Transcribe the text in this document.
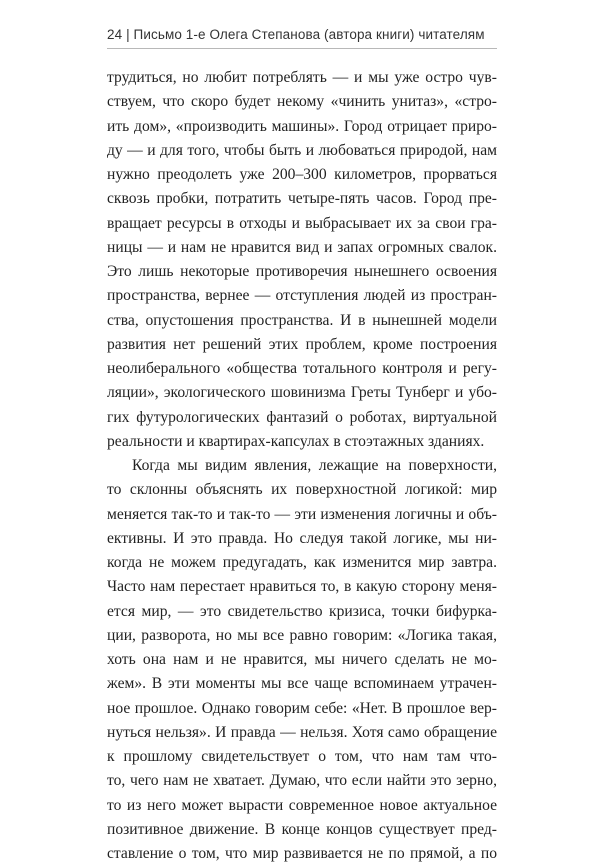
24 | Письмо 1-е Олега Степанова (автора книги) читателям
трудиться, но любит потреблять — и мы уже остро чув-
ствуем, что скоро будет некому «чинить унитаз», «стро-
ить дом», «производить машины». Город отрицает приро-
ду — и для того, чтобы быть и любоваться природой, нам
нужно преодолеть уже 200–300 километров, прорваться
сквозь пробки, потратить четыре-пять часов. Город пре-
вращает ресурсы в отходы и выбрасывает их за свои гра-
ницы — и нам не нравится вид и запах огромных свалок.
Это лишь некоторые противоречия нынешнего освоения
пространства, вернее — отступления людей из простран-
ства, опустошения пространства. И в нынешней модели
развития нет решений этих проблем, кроме построения
неолиберального «общества тотального контроля и регу-
ляции», экологического шовинизма Греты Тунберг и убо-
гих футурологических фантазий о роботах, виртуальной
реальности и квартирах-капсулах в стоэтажных зданиях.
Когда мы видим явления, лежащие на поверхности,
то склонны объяснять их поверхностной логикой: мир
меняется так-то и так-то — эти изменения логичны и объ-
ективны. И это правда. Но следуя такой логике, мы ни-
когда не можем предугадать, как изменится мир завтра.
Часто нам перестает нравиться то, в какую сторону меня-
ется мир, — это свидетельство кризиса, точки бифурка-
ции, разворота, но мы все равно говорим: «Логика такая,
хоть она нам и не нравится, мы ничего сделать не мо-
жем». В эти моменты мы все чаще вспоминаем утрачен-
ное прошлое. Однако говорим себе: «Нет. В прошлое вер-
нуться нельзя». И правда — нельзя. Хотя само обращение
к прошлому свидетельствует о том, что нам там что-
то, чего нам не хватает. Думаю, что если найти это зерно,
то из него может вырасти современное новое актуальное
позитивное движение. В конце концов существует пред-
ставление о том, что мир развивается не по прямой, а по
